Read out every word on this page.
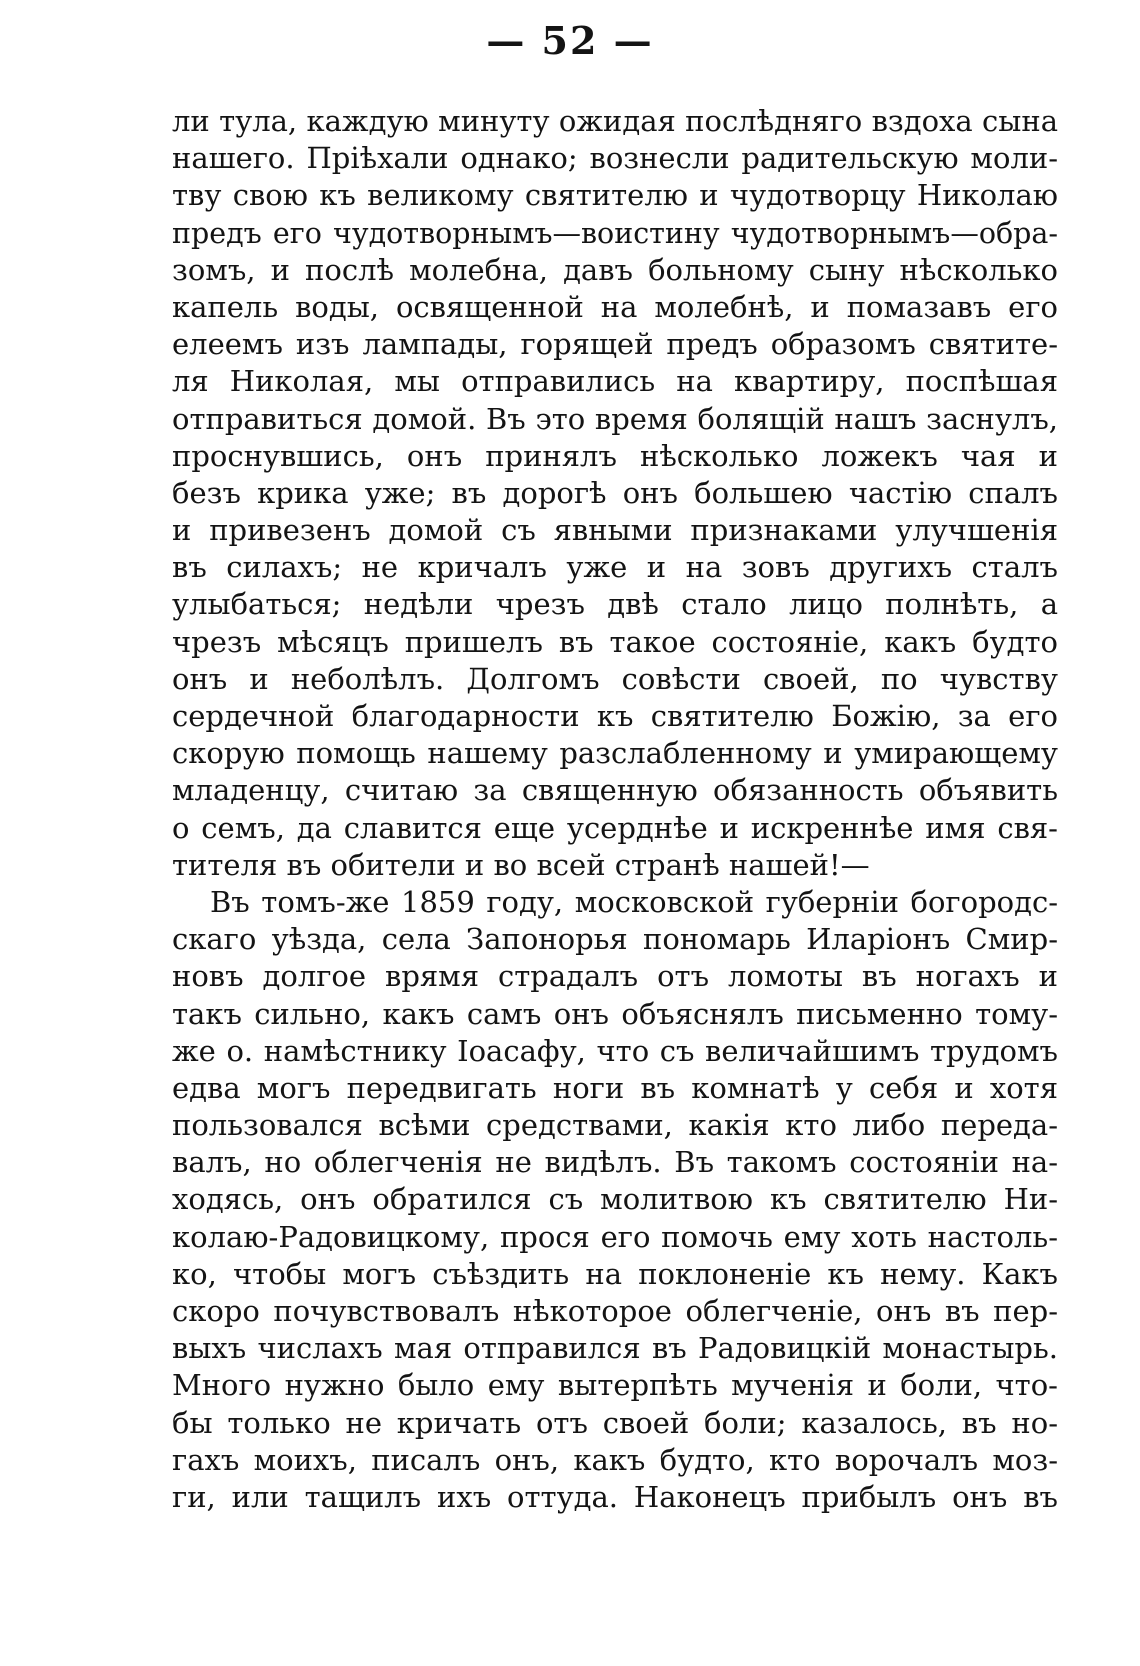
— 52 —
ли тула, каждую минуту ожидая послѣдняго вздоха сына
нашего. Пріѣхали однако; вознесли радительскую моли-
тву свою къ великому святителю и чудотворцу Николаю
предъ его чудотворнымъ—воистину чудотворнымъ—обра-
зомъ, и послѣ молебна, давъ больному сыну нѣсколько
капель воды, освященной на молебнѣ, и помазавъ его
елеемъ изъ лампады, горящей предъ образомъ святите-
ля Николая, мы отправились на квартиру, поспѣшая
отправиться домой. Въ это время болящій нашъ заснулъ,
проснувшись, онъ принялъ нѣсколько ложекъ чая и
безъ крика уже; въ дорогѣ онъ большею частію спалъ
и привезенъ домой съ явными признаками улучшенія
въ силахъ; не кричалъ уже и на зовъ другихъ сталъ
улыбаться; недѣли чрезъ двѣ стало лицо полнѣть, а
чрезъ мѣсяцъ пришелъ въ такое состояніе, какъ будто
онъ и неболѣлъ. Долгомъ совѣсти своей, по чувству
сердечной благодарности къ святителю Божію, за его
скорую помощь нашему разслабленному и умирающему
младенцу, считаю за священную обязанность объявить
о семъ, да славится еще усерднѣе и искреннѣе имя свя-
тителя въ обители и во всей странѣ нашей!—
Въ томъ-же 1859 году, московской губерніи богородс-
скаго уѣзда, села Запонорья пономарь Иларіонъ Смир-
новъ долгое врямя страдалъ отъ ломоты въ ногахъ и
такъ сильно, какъ самъ онъ объяснялъ письменно тому-
же о. намѣстнику Іоасафу, что съ величайшимъ трудомъ
едва могъ передвигать ноги въ комнатѣ у себя и хотя
пользовался всѣми средствами, какія кто либо переда-
валъ, но облегченія не видѣлъ. Въ такомъ состояніи на-
ходясь, онъ обратился съ молитвою къ святителю Ни-
колаю-Радовицкому, прося его помочь ему хоть настоль-
ко, чтобы могъ съѣздить на поклоненіе къ нему. Какъ
скоро почувствовалъ нѣкоторое облегченіе, онъ въ пер-
выхъ числахъ мая отправился въ Радовицкій монастырь.
Много нужно было ему вытерпѣть мученія и боли, что-
бы только не кричать отъ своей боли; казалось, въ но-
гахъ моихъ, писалъ онъ, какъ будто, кто ворочалъ моз-
ги, или тащилъ ихъ оттуда. Наконецъ прибылъ онъ въ
